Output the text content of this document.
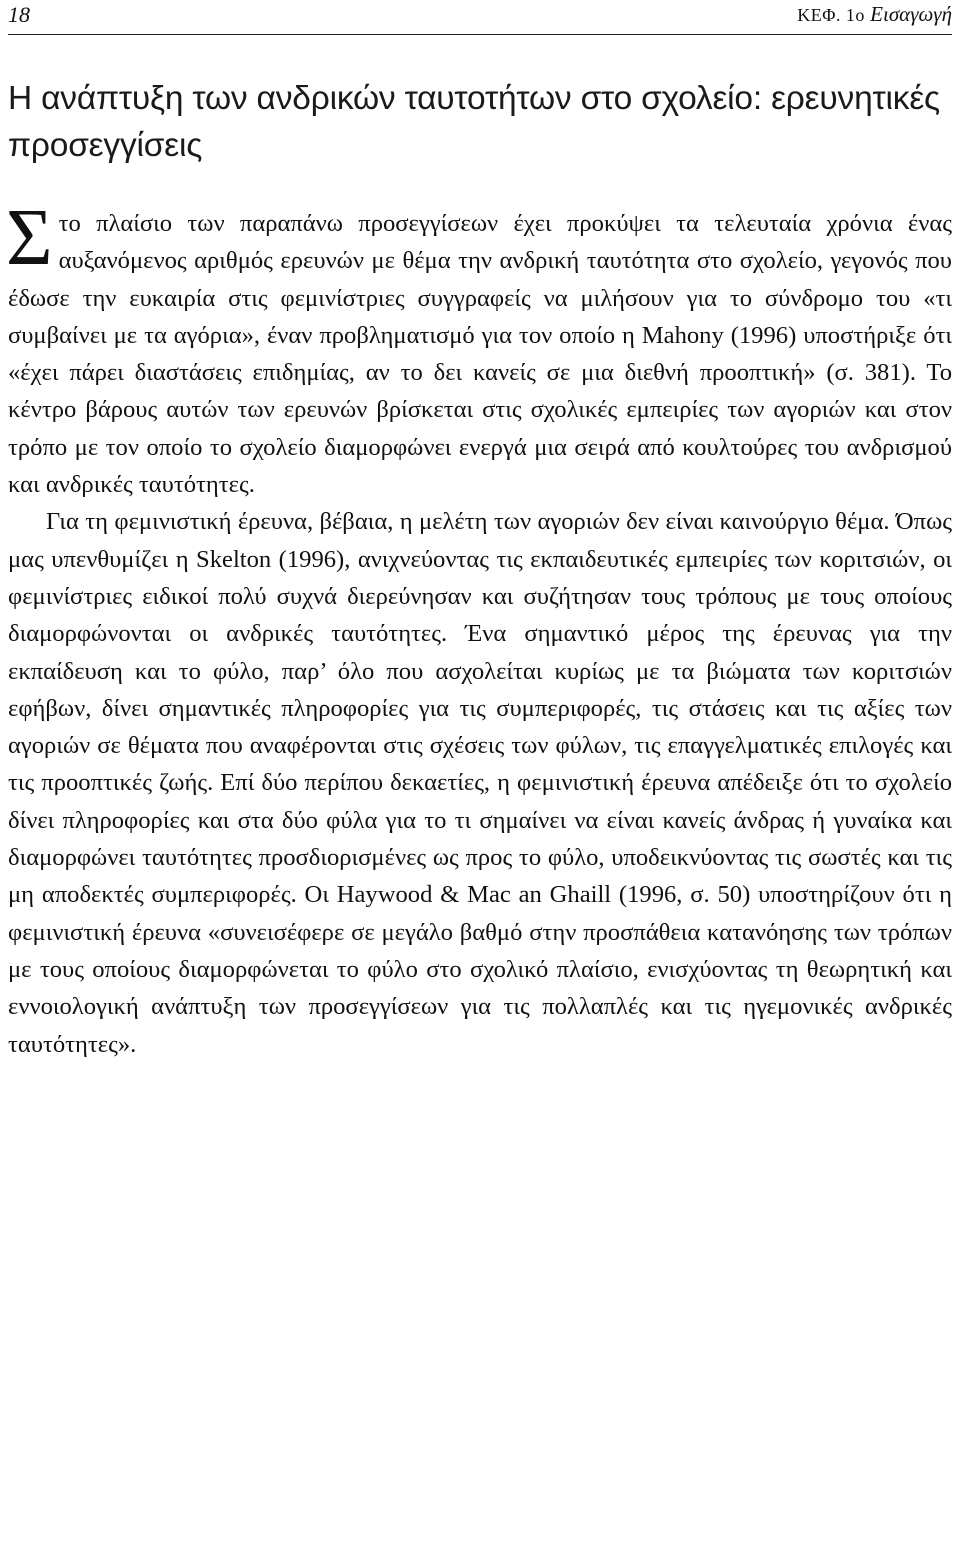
18	ΚΕΦ. 1ο Εισαγωγή
Η ανάπτυξη των ανδρικών ταυτοτήτων στο σχολείο: ερευνητικές προσεγγίσεις

Στο πλαίσιο των παραπάνω προσεγγίσεων έχει προκύψει τα τελευταία χρόνια ένας αυξανόμενος αριθμός ερευνών με θέμα την ανδρική ταυτότητα στο σχολείο, γεγονός που έδωσε την ευκαιρία στις φεμινίστριες συγγραφείς να μιλήσουν για το σύνδρομο του «τι συμβαίνει με τα αγόρια», έναν προβληματισμό για τον οποίο η Mahony (1996) υποστήριξε ότι «έχει πάρει διαστάσεις επιδημίας, αν το δει κανείς σε μια διεθνή προοπτική» (σ. 381). Το κέντρο βάρους αυτών των ερευνών βρίσκεται στις σχολικές εμπειρίες των αγοριών και στον τρόπο με τον οποίο το σχολείο διαμορφώνει ενεργά μια σειρά από κουλτούρες του ανδρισμού και ανδρικές ταυτότητες.

Για τη φεμινιστική έρευνα, βέβαια, η μελέτη των αγοριών δεν είναι καινούργιο θέμα. Όπως μας υπενθυμίζει η Skelton (1996), ανιχνεύοντας τις εκπαιδευτικές εμπειρίες των κοριτσιών, οι φεμινίστριες ειδικοί πολύ συχνά διερεύνησαν και συζήτησαν τους τρόπους με τους οποίους διαμορφώνονται οι ανδρικές ταυτότητες. Ένα σημαντικό μέρος της έρευνας για την εκπαίδευση και το φύλο, παρ’ όλο που ασχολείται κυρίως με τα βιώματα των κοριτσιών εφήβων, δίνει σημαντικές πληροφορίες για τις συμπεριφορές, τις στάσεις και τις αξίες των αγοριών σε θέματα που αναφέρονται στις σχέσεις των φύλων, τις επαγγελματικές επιλογές και τις προοπτικές ζωής. Επί δύο περίπου δεκαετίες, η φεμινιστική έρευνα απέδειξε ότι το σχολείο δίνει πληροφορίες και στα δύο φύλα για το τι σημαίνει να είναι κανείς άνδρας ή γυναίκα και διαμορφώνει ταυτότητες προσδιορισμένες ως προς το φύλο, υποδεικνύοντας τις σωστές και τις μη αποδεκτές συμπεριφορές. Οι Haywood & Mac an Ghaill (1996, σ. 50) υποστηρίζουν ότι η φεμινιστική έρευνα «συνεισέφερε σε μεγάλο βαθμό στην προσπάθεια κατανόησης των τρόπων με τους οποίους διαμορφώνεται το φύλο στο σχολικό πλαίσιο, ενισχύοντας τη θεωρητική και εννοιολογική ανάπτυξη των προσεγγίσεων για τις πολλαπλές και τις ηγεμονικές ανδρικές ταυτότητες».
